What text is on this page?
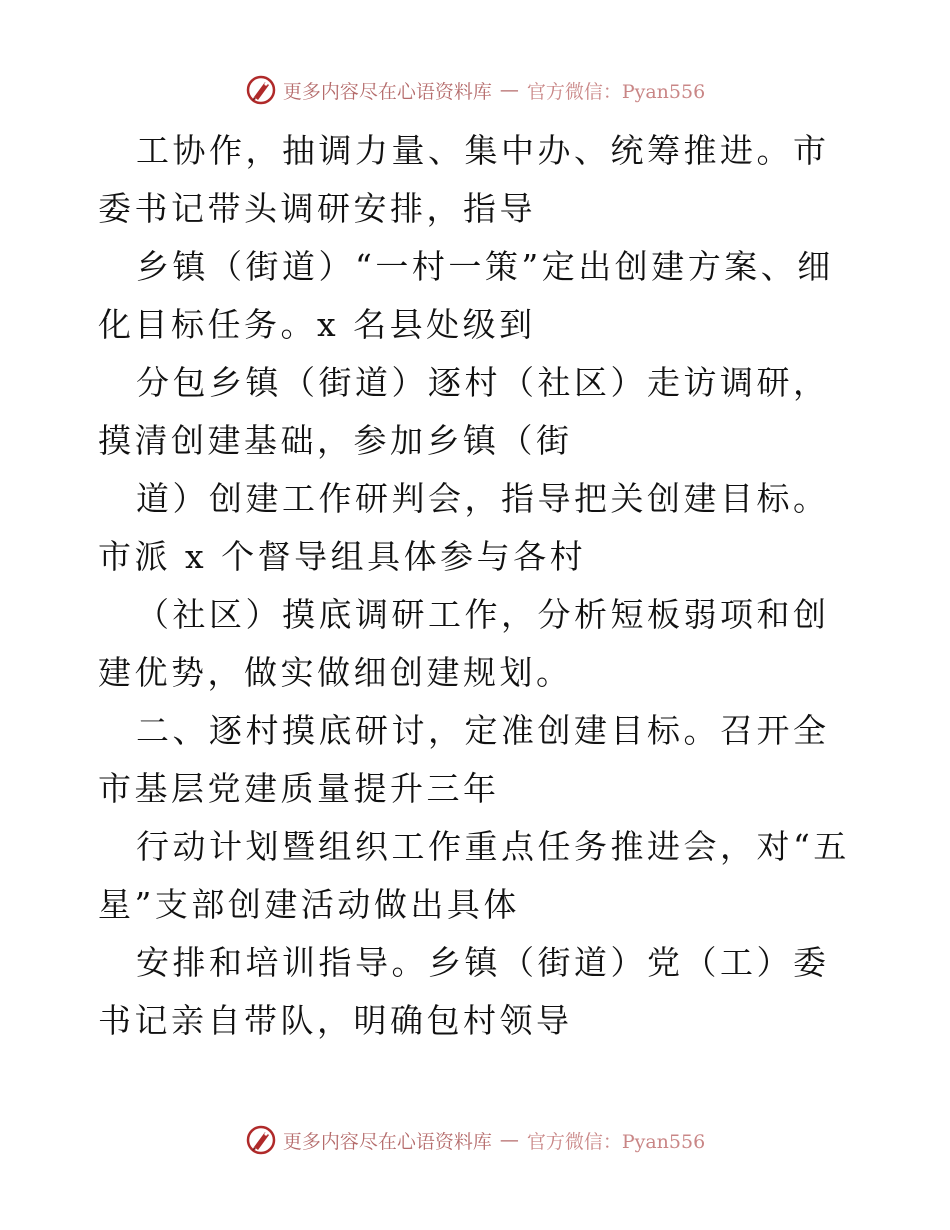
更多内容尽在心语资料库 — 官方微信：Pyan556

工协作，抽调力量、集中办、统筹推进。市委书记带头调研安排，指导

乡镇（街道）“一村一策”定出创建方案、细化目标任务。x 名县处级到

分包乡镇（街道）逐村（社区）走访调研，摸清创建基础，参加乡镇（街

道）创建工作研判会，指导把关创建目标。市派 x 个督导组具体参与各村

（社区）摸底调研工作，分析短板弱项和创建优势，做实做细创建规划。

二、逐村摸底研讨，定准创建目标。召开全市基层党建质量提升三年

行动计划暨组织工作重点任务推进会，对“五星”支部创建活动做出具体

安排和培训指导。乡镇（街道）党（工）委书记亲自带队，明确包村领导

更多内容尽在心语资料库 — 官方微信：Pyan556
